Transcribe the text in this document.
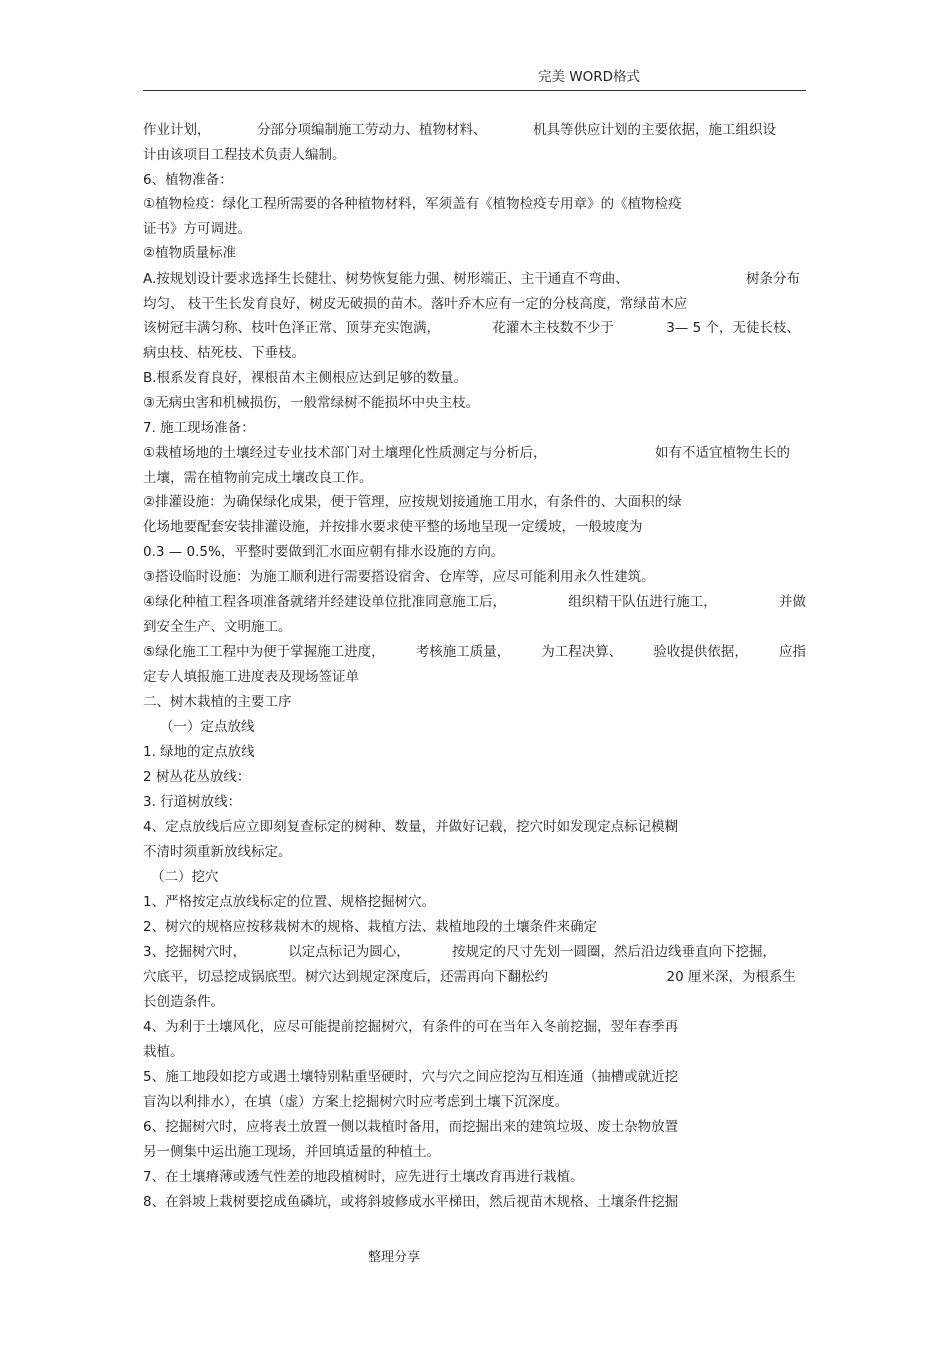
完美 WORD格式
作业计划，	分部分项编制施工劳动力、植物材料、	机具等供应计划的主要依据，施工组织设
计由该项目工程技术负责人编制。
6、植物准备：
①植物检疫：绿化工程所需要的各种植物材料，军须盖有《植物检疫专用章》的《植物检疫
证书》方可调进。
②植物质量标准
A.按规划设计要求选择生长健壮、树势恢复能力强、树形端正、主干通直不弯曲、	树条分布
均匀、 枝干生长发育良好，树皮无破损的苗木。落叶乔木应有一定的分枝高度，常绿苗木应
该树冠丰满匀称、枝叶色泽正常、顶芽充实饱满，	花灌木主枝数不少于	3— 5 个，无徒长枝、
病虫枝、枯死枝、下垂枝。
B.根系发育良好，裸根苗木主侧根应达到足够的数量。
③无病虫害和机械损伤，一般常绿树不能损坏中央主枝。
7. 施工现场准备：
①栽植场地的土壤经过专业技术部门对土壤理化性质测定与分析后，	如有不适宜植物生长的
土壤，需在植物前完成土壤改良工作。
②排灌设施：为确保绿化成果，便于管理，应按规划接通施工用水，有条件的、大面积的绿
化场地要配套安装排灌设施，并按排水要求使平整的场地呈现一定缓坡，一般坡度为
0.3 — 0.5%，平整时要做到汇水面应朝有排水设施的方向。
③搭设临时设施：为施工顺利进行需要搭设宿舍、仓库等，应尽可能利用永久性建筑。
④绿化种植工程各项准备就绪并经建设单位批准同意施工后，	组织精干队伍进行施工，	并做
到安全生产、文明施工。
⑤绿化施工工程中为便于掌握施工进度， 考核施工质量， 为工程决算、 验收提供依据， 应指
定专人填报施工进度表及现场签证单
二、树木栽植的主要工序
（一）定点放线
1. 绿地的定点放线
2 树丛花丛放线：
3. 行道树放线：
4、定点放线后应立即刻复查标定的树种、数量，并做好记载，挖穴时如发现定点标记模糊
不清时须重新放线标定。
（二）挖穴
1、严格按定点放线标定的位置、规格挖掘树穴。
2、树穴的规格应按移栽树木的规格、栽植方法、栽植地段的土壤条件来确定
3、挖掘树穴时，	以定点标记为圆心，	按规定的尺寸先划一圆圈，然后沿边线垂直向下挖掘，
穴底平，切忌挖成锅底型。树穴达到规定深度后，还需再向下翻松约	20 厘米深，为根系生
长创造条件。
4、为利于土壤风化，应尽可能提前挖掘树穴，有条件的可在当年入冬前挖掘，翌年春季再
栽植。
5、施工地段如挖方或遇土壤特别粘重坚硬时，穴与穴之间应挖沟互相连通（抽槽或就近挖
盲沟以利排水），在填（虚）方案上挖掘树穴时应考虑到土壤下沉深度。
6、挖掘树穴时，应将表土放置一侧以栽植时备用，而挖掘出来的建筑垃圾、废土杂物放置
另一侧集中运出施工现场，并回填适量的种植土。
7、在土壤瘠薄或透气性差的地段植树时，应先进行土壤改育再进行栽植。
8、在斜坡上栽树要挖成鱼磷坑，或将斜坡修成水平梯田，然后视苗木规格、土壤条件挖掘
整理分享
